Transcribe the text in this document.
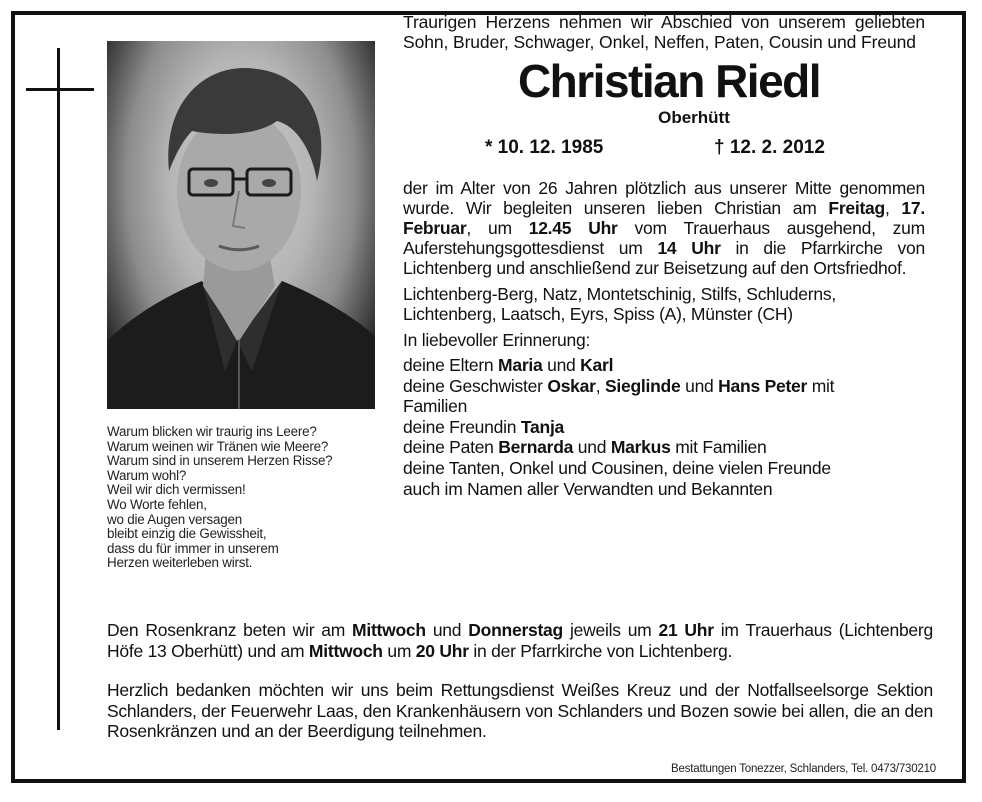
Warum blicken wir traurig ins Leere?
Warum weinen wir Tränen wie Meere?
Warum sind in unserem Herzen Risse?
Warum wohl?
Weil wir dich vermissen!
Wo Worte fehlen,
wo die Augen versagen
bleibt einzig die Gewissheit,
dass du für immer in unserem
Herzen weiterleben wirst.
Traurigen Herzens nehmen wir Abschied von unserem geliebten Sohn, Bruder, Schwager, Onkel, Neffen, Paten, Cousin und Freund
Christian Riedl
Oberhütt
* 10. 12. 1985	† 12. 2. 2012
der im Alter von 26 Jahren plötzlich aus unserer Mitte genommen wurde. Wir begleiten unseren lieben Christian am Freitag, 17. Februar, um 12.45 Uhr vom Trauerhaus ausgehend, zum Auferstehungsgottesdienst um 14 Uhr in die Pfarrkirche von Lichtenberg und anschließend zur Beisetzung auf den Ortsfriedhof.
Lichtenberg-Berg, Natz, Montetschinig, Stilfs, Schluderns, Lichtenberg, Laatsch, Eyrs, Spiss (A), Münster (CH)
In liebevoller Erinnerung:
deine Eltern Maria und Karl
deine Geschwister Oskar, Sieglinde und Hans Peter mit
Familien
deine Freundin Tanja
deine Paten Bernarda und Markus mit Familien
deine Tanten, Onkel und Cousinen, deine vielen Freunde
auch im Namen aller Verwandten und Bekannten
Den Rosenkranz beten wir am Mittwoch und Donnerstag jeweils um 21 Uhr im Trauerhaus (Lichtenberg Höfe 13 Oberhütt) und am Mittwoch um 20 Uhr in der Pfarrkirche von Lichtenberg.
Herzlich bedanken möchten wir uns beim Rettungsdienst Weißes Kreuz und der Notfallseelsorge Sektion Schlanders, der Feuerwehr Laas, den Krankenhäusern von Schlanders und Bozen sowie bei allen, die an den Rosenkränzen und an der Beerdigung teilnehmen.
Bestattungen Tonezzer, Schlanders, Tel. 0473/730210
